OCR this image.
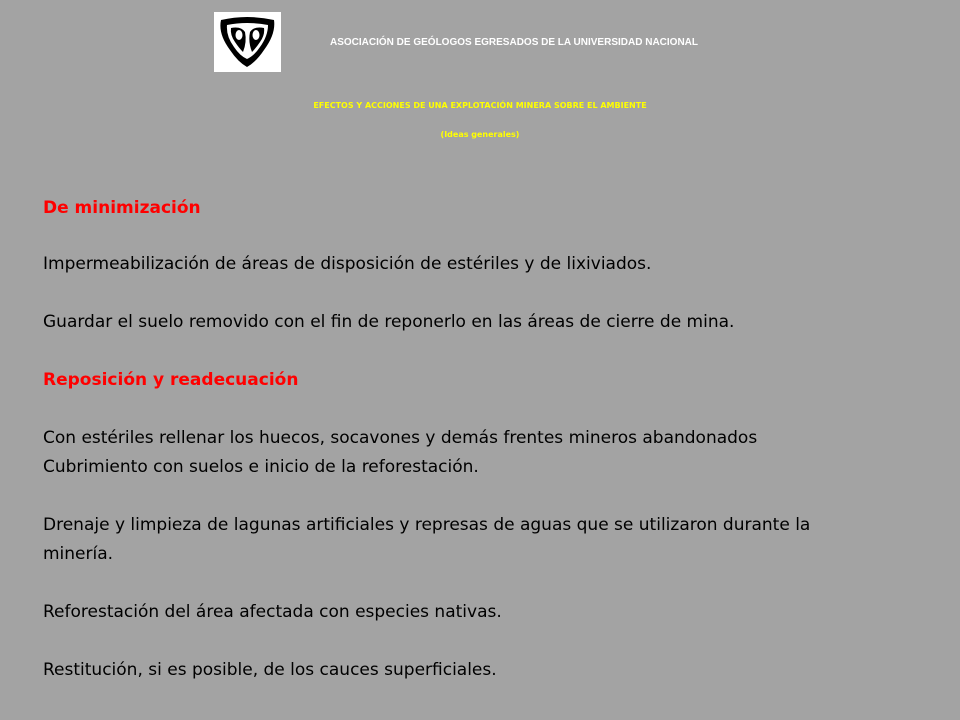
ASOCIACIÓN DE GEÓLOGOS EGRESADOS DE LA UNIVERSIDAD NACIONAL
EFECTOS Y ACCIONES DE UNA EXPLOTACIÓN MINERA SOBRE EL AMBIENTE
(Ideas generales)
De minimización
Impermeabilización de áreas de disposición de estériles y de lixiviados.
Guardar el suelo removido con el fin de reponerlo en las áreas de cierre de mina.
Reposición y readecuación
Con estériles rellenar los huecos, socavones y demás frentes mineros abandonados
Cubrimiento con suelos e inicio de la reforestación.
Drenaje y limpieza de lagunas artificiales y represas de aguas que se utilizaron durante la
minería.
Reforestación del área afectada con especies nativas.
Restitución, si es posible, de los cauces superficiales.
